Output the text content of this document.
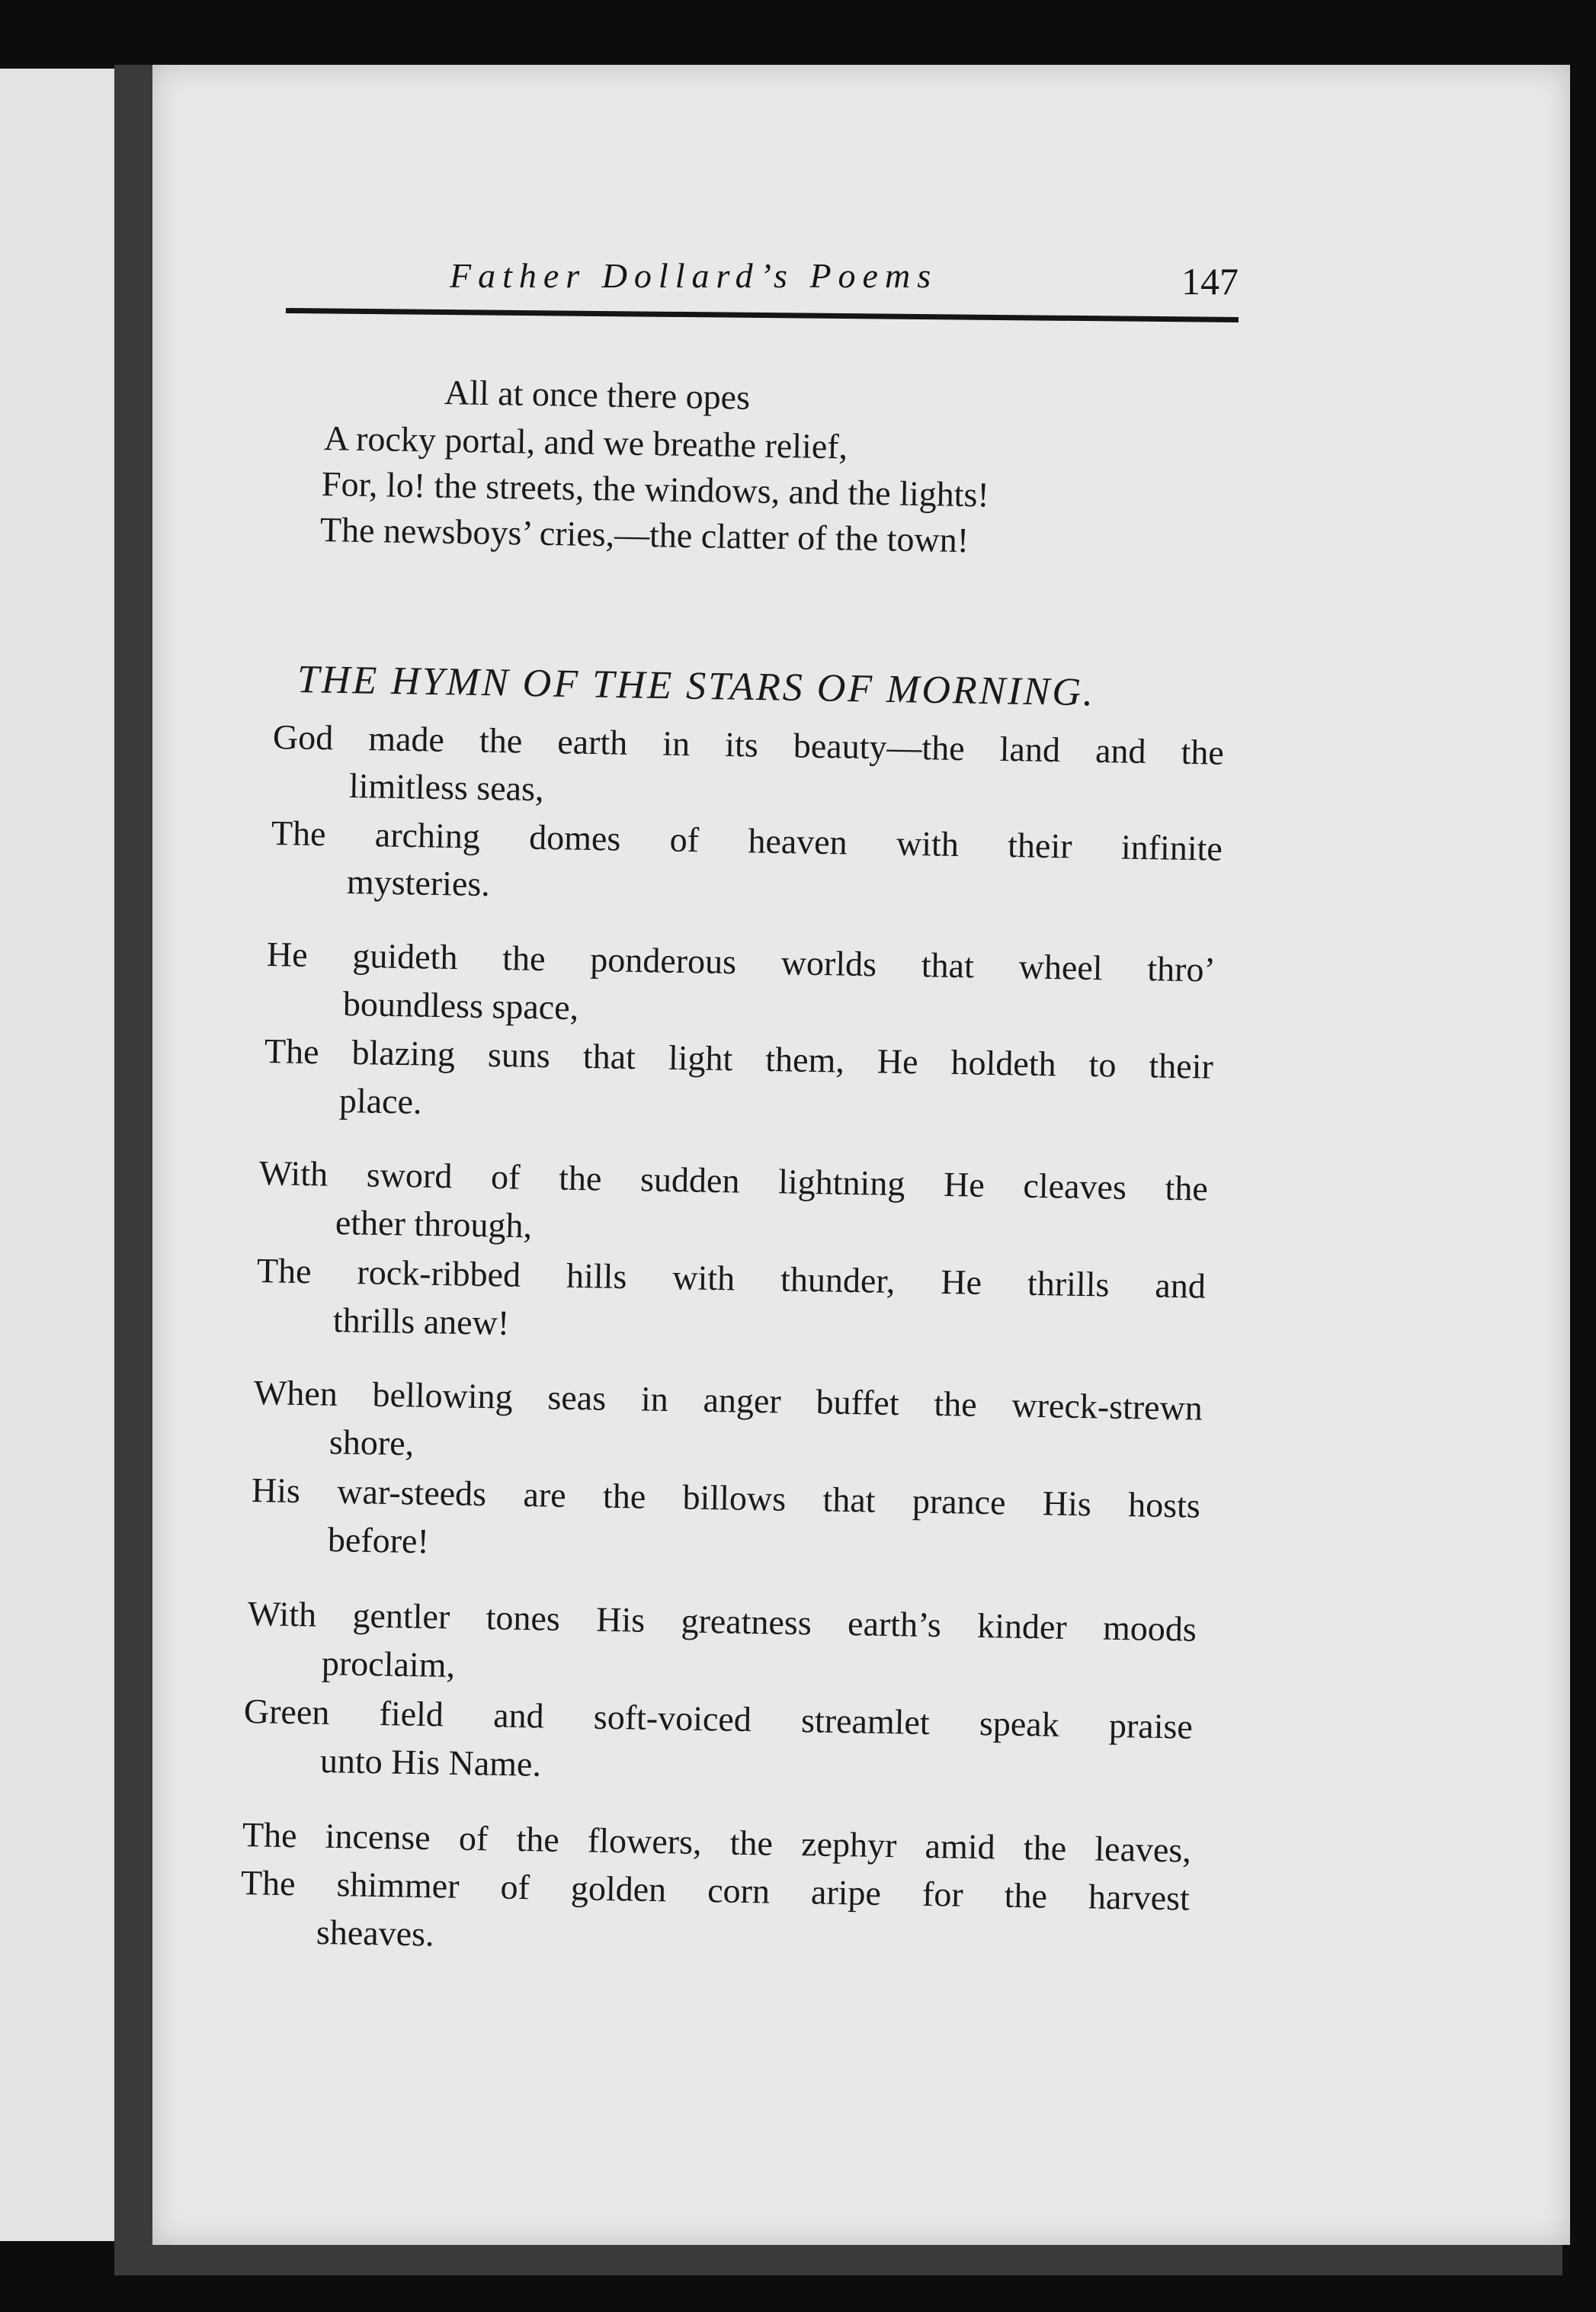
Father Dollard’s Poems	147
All at once there opes
A rocky portal, and we breathe relief,
For, lo! the streets, the windows, and the lights!
The newsboys’ cries,—the clatter of the town!
THE HYMN OF THE STARS OF MORNING.
God made the earth in its beauty—the land and the
limitless seas,
The arching domes of heaven with their infinite
mysteries.
He guideth the ponderous worlds that wheel thro’
boundless space,
The blazing suns that light them, He holdeth to their
place.
With sword of the sudden lightning He cleaves the
ether through,
The rock-ribbed hills with thunder, He thrills and
thrills anew!
When bellowing seas in anger buffet the wreck-strewn
shore,
His war-steeds are the billows that prance His hosts
before!
With gentler tones His greatness earth’s kinder moods
proclaim,
Green field and soft-voiced streamlet speak praise
unto His Name.
The incense of the flowers, the zephyr amid the leaves,
The shimmer of golden corn aripe for the harvest
sheaves.
